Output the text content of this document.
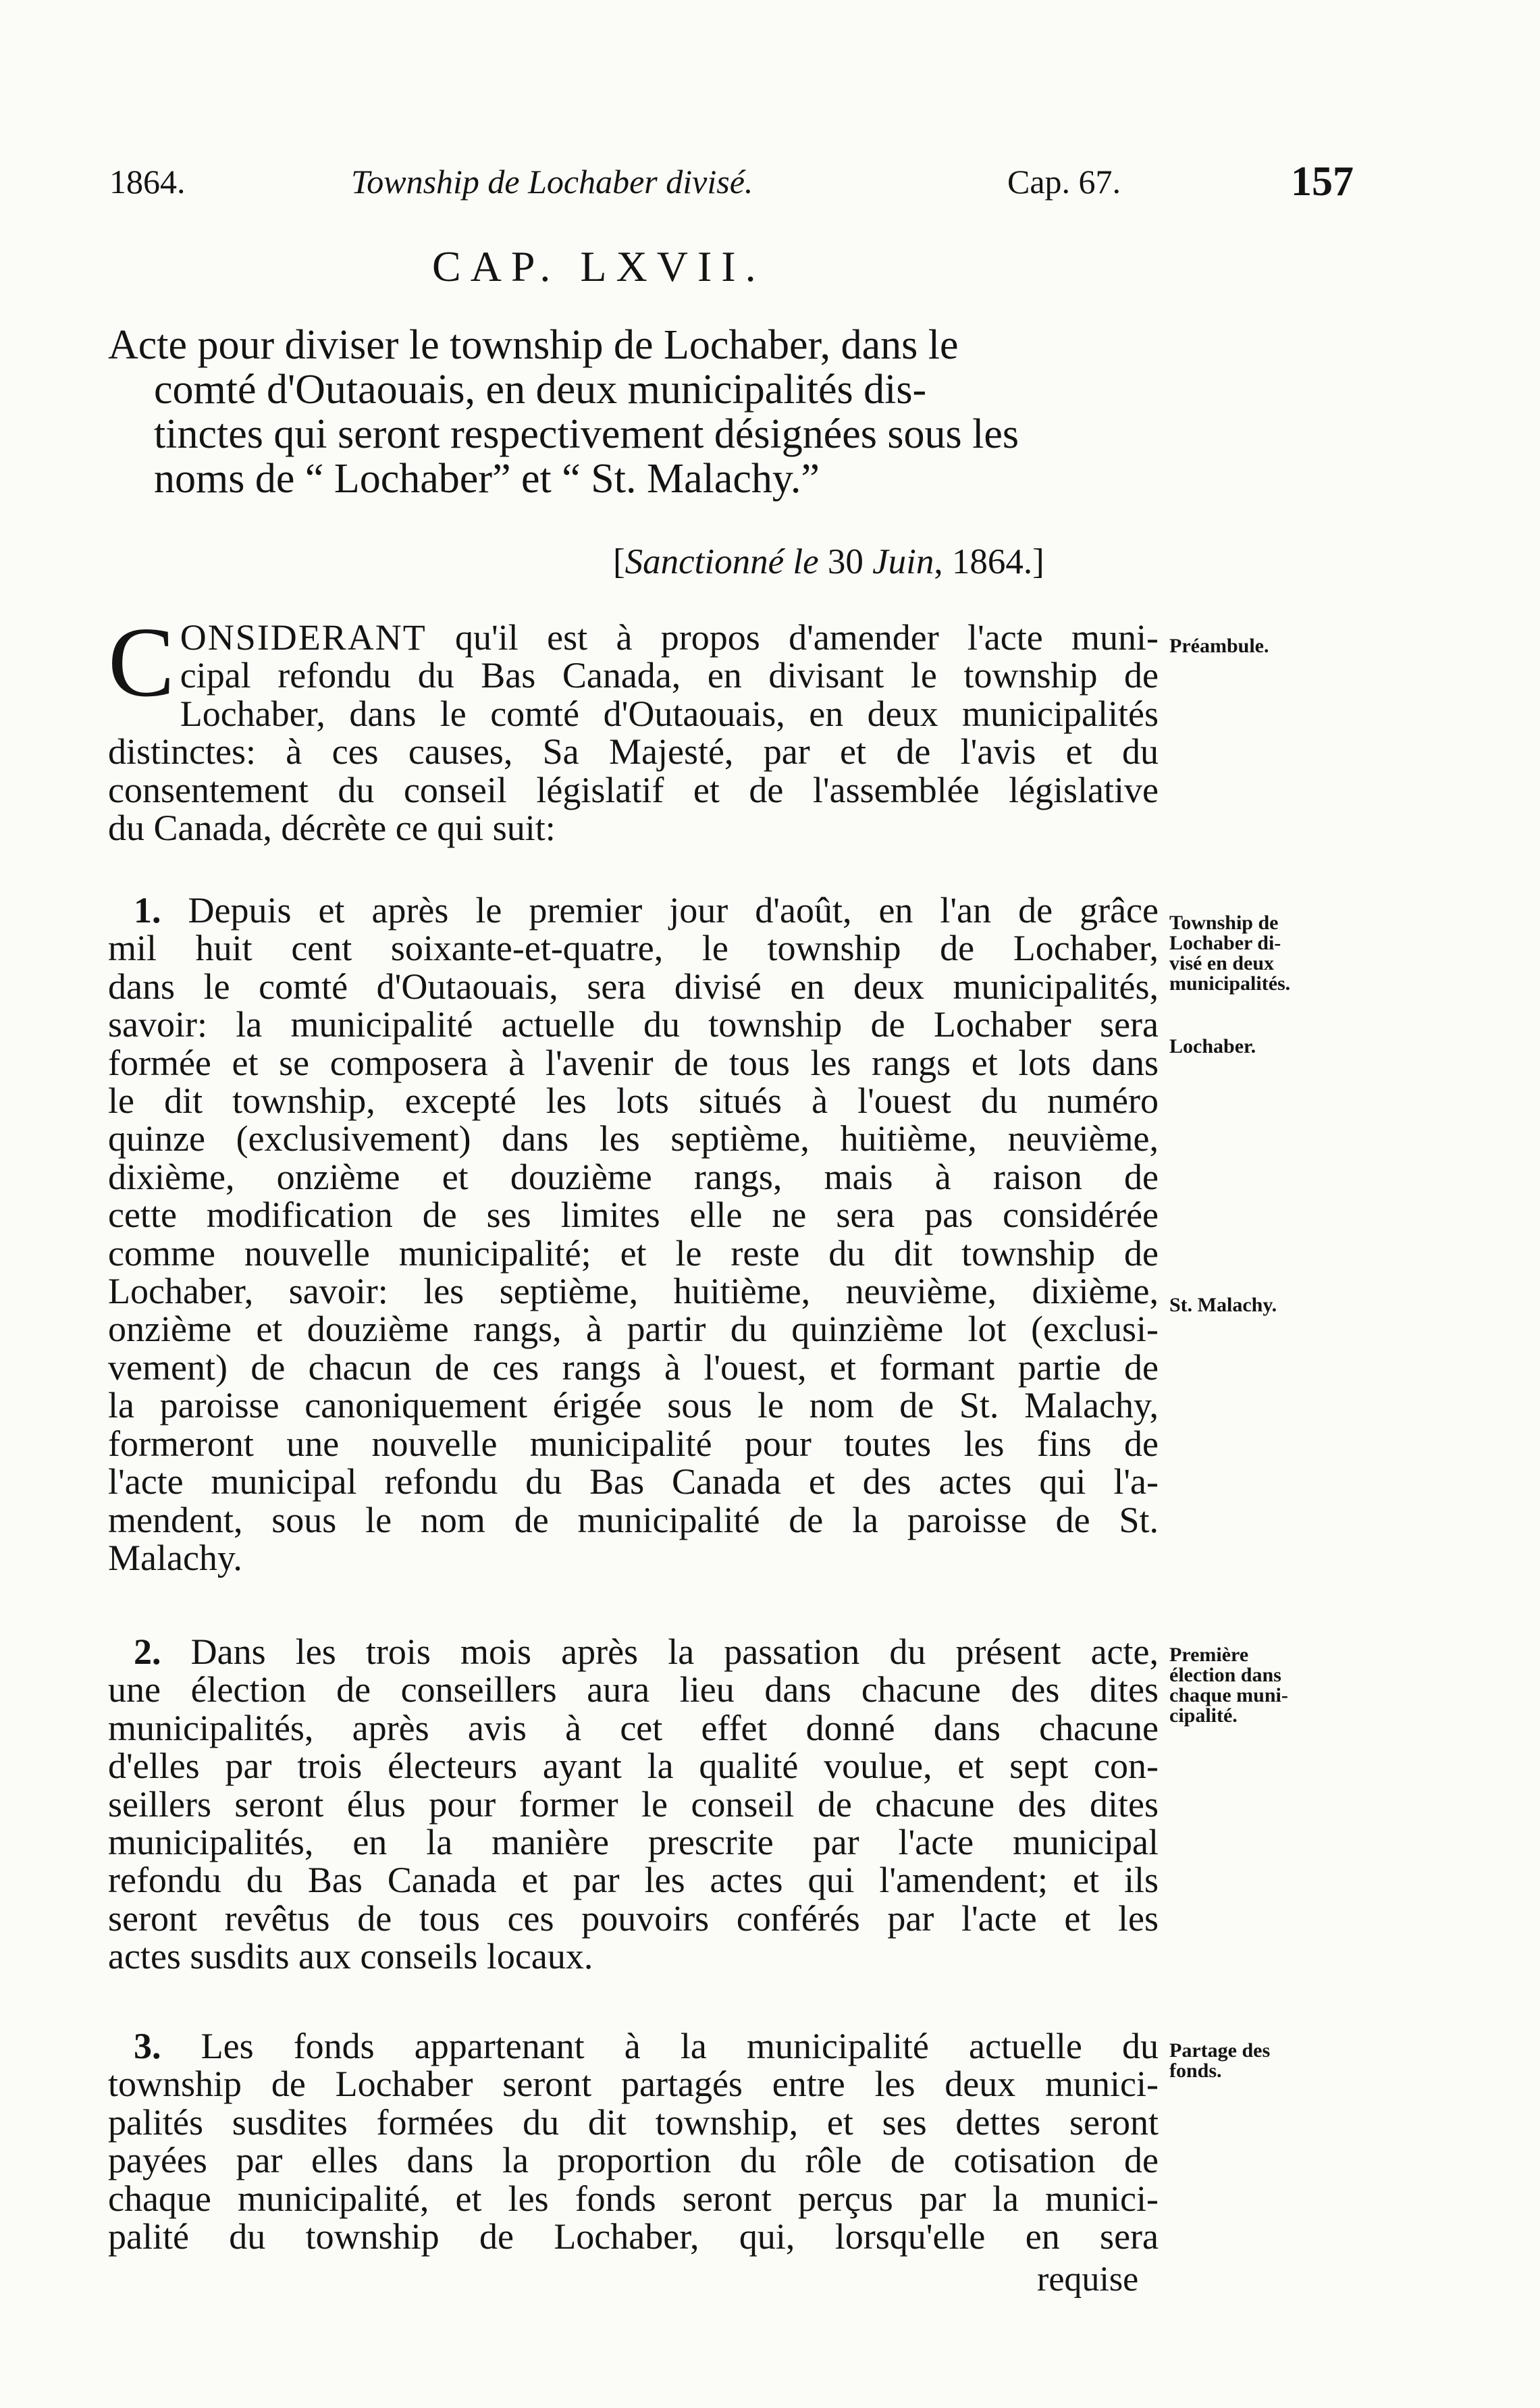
1864.	Township de Lochaber divisé.	Cap. 67.	157
CAP. LXVII.
Acte pour diviser le township de Lochaber, dans le
comté d'Outaouais, en deux municipalités dis-
tinctes qui seront respectivement désignées sous les
noms de “ Lochaber” et “ St. Malachy.”
[Sanctionné le 30 Juin, 1864.]
C ONSIDERANT qu'il est à propos d'amender l'acte muni-
cipal refondu du Bas Canada, en divisant le township de
Lochaber, dans le comté d'Outaouais, en deux municipalités
distinctes: à ces causes, Sa Majesté, par et de l'avis et du
consentement du conseil législatif et de l'assemblée législative
du Canada, décrète ce qui suit:
1. Depuis et après le premier jour d'août, en l'an de grâce
mil huit cent soixante-et-quatre, le township de Lochaber,
dans le comté d'Outaouais, sera divisé en deux municipalités,
savoir: la municipalité actuelle du township de Lochaber sera
formée et se composera à l'avenir de tous les rangs et lots dans
le dit township, excepté les lots situés à l'ouest du numéro
quinze (exclusivement) dans les septième, huitième, neuvième,
dixième, onzième et douzième rangs, mais à raison de
cette modification de ses limites elle ne sera pas considérée
comme nouvelle municipalité; et le reste du dit township de
Lochaber, savoir: les septième, huitième, neuvième, dixième,
onzième et douzième rangs, à partir du quinzième lot (exclusi-
vement) de chacun de ces rangs à l'ouest, et formant partie de
la paroisse canoniquement érigée sous le nom de St. Malachy,
formeront une nouvelle municipalité pour toutes les fins de
l'acte municipal refondu du Bas Canada et des actes qui l'a-
mendent, sous le nom de municipalité de la paroisse de St.
Malachy.
2. Dans les trois mois après la passation du présent acte,
une élection de conseillers aura lieu dans chacune des dites
municipalités, après avis à cet effet donné dans chacune
d'elles par trois électeurs ayant la qualité voulue, et sept con-
seillers seront élus pour former le conseil de chacune des dites
municipalités, en la manière prescrite par l'acte municipal
refondu du Bas Canada et par les actes qui l'amendent; et ils
seront revêtus de tous ces pouvoirs conférés par l'acte et les
actes susdits aux conseils locaux.
3. Les fonds appartenant à la municipalité actuelle du
township de Lochaber seront partagés entre les deux munici-
palités susdites formées du dit township, et ses dettes seront
payées par elles dans la proportion du rôle de cotisation de
chaque municipalité, et les fonds seront perçus par la munici-
palité du township de Lochaber, qui, lorsqu'elle en sera
requise
Préambule.
Township de
Lochaber di-
visé en deux
municipalités.
Lochaber.
St. Malachy.
Première
élection dans
chaque muni-
cipalité.
Partage des
fonds.
